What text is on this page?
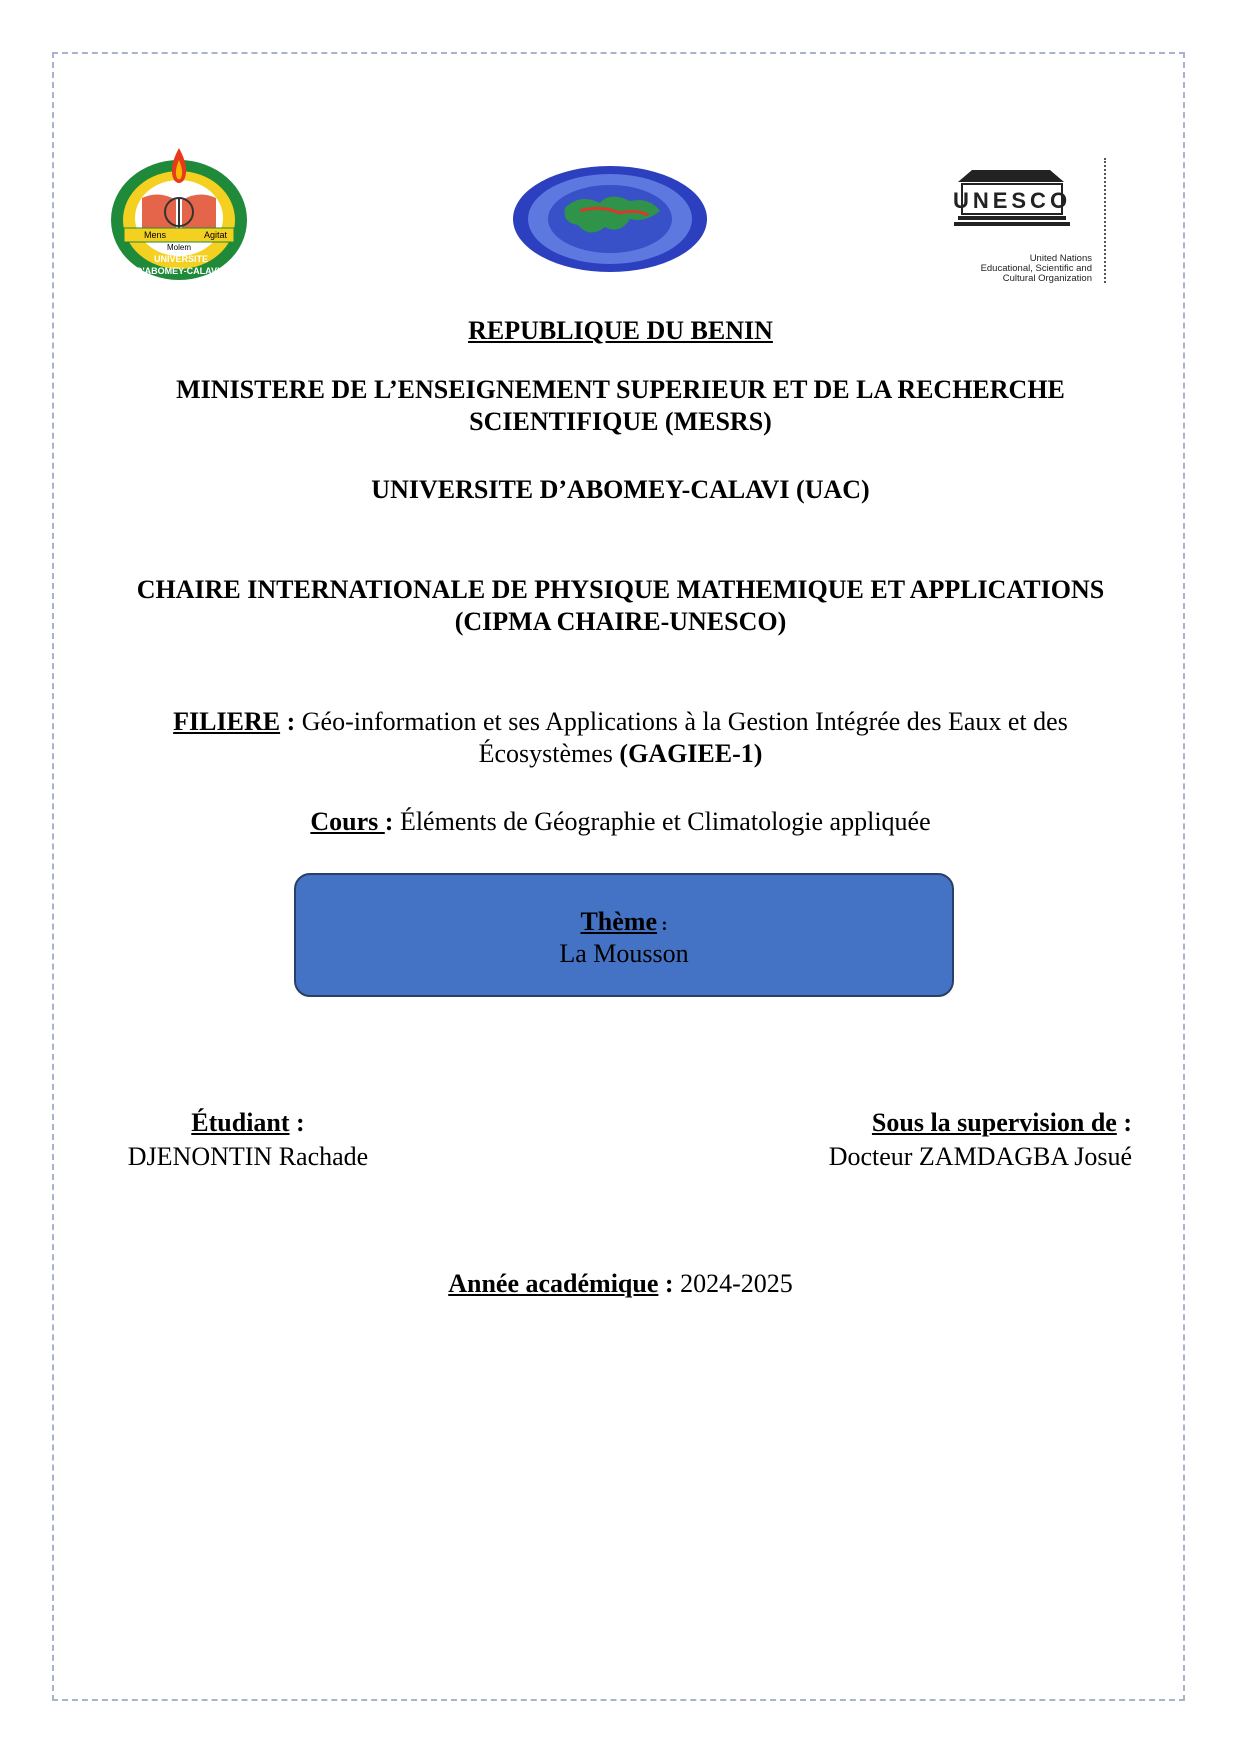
Mens	Agitat
Molem
UNIVERSITE
D'ABOMEY-CALAVI
UNESCO
United Nations
Educational, Scientific and
Cultural Organization
REPUBLIQUE DU BENIN
MINISTERE DE L’ENSEIGNEMENT SUPERIEUR ET DE LA RECHERCHE
SCIENTIFIQUE (MESRS)
UNIVERSITE D’ABOMEY-CALAVI (UAC)
CHAIRE INTERNATIONALE DE PHYSIQUE MATHEMIQUE ET APPLICATIONS
(CIPMA CHAIRE-UNESCO)
FILIERE : Géo-information et ses Applications à la Gestion Intégrée des Eaux et des
Écosystèmes (GAGIEE-1)
Cours : Éléments de Géographie et Climatologie appliquée
Thème :
La Mousson
Étudiant :
DJENONTIN Rachade
Sous la supervision de :
Docteur ZAMDAGBA Josué
Année académique : 2024-2025
